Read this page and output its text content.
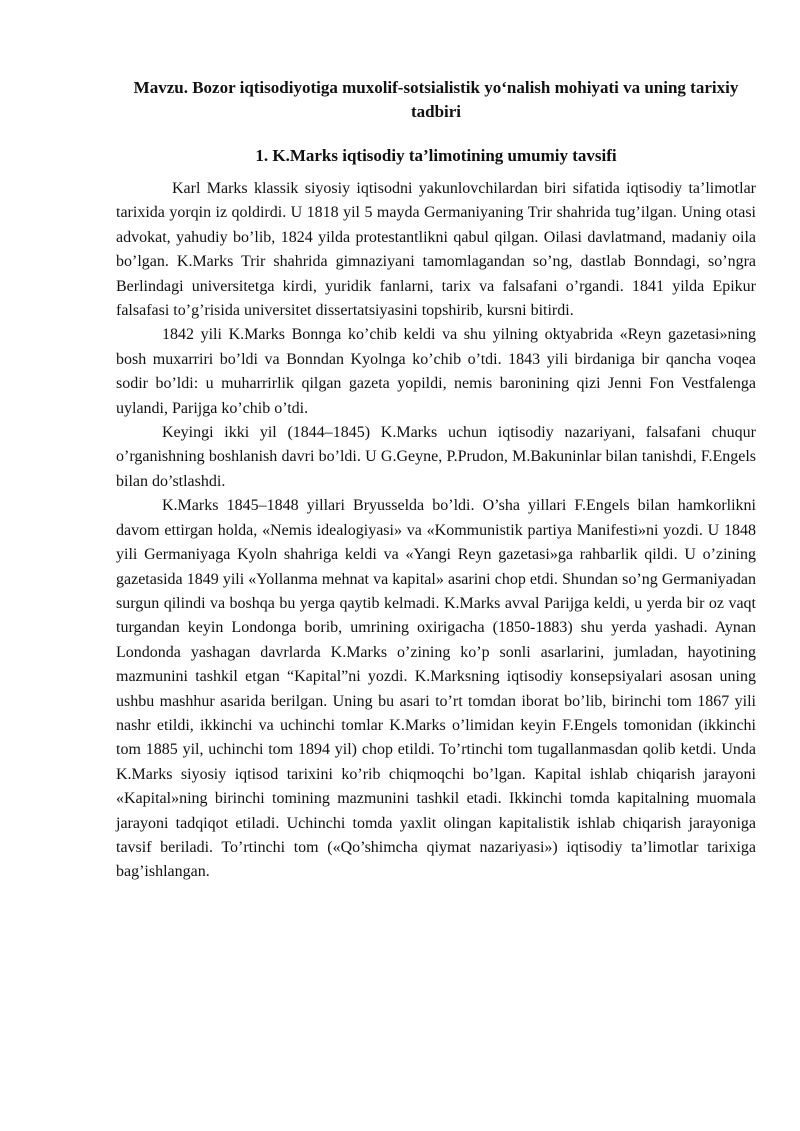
Mavzu. Bozor iqtisodiyotiga muxolif-sotsialistik yo‘nalish mohiyati va uning tarixiy tadbiri

1. K.Marks iqtisodiy ta’limotining umumiy tavsifi

Karl Marks klassik siyosiy iqtisodni yakunlovchilardan biri sifatida iqtisodiy ta’limotlar tarixida yorqin iz qoldirdi. U 1818 yil 5 mayda Germaniyaning Trir shahrida tug’ilgan. Uning otasi advokat, yahudiy bo’lib, 1824 yilda protestantlikni qabul qilgan. Oilasi davlatmand, madaniy oila bo’lgan. K.Marks Trir shahrida gimnaziyani tamomlagandan so’ng, dastlab Bonndagi, so’ngra Berlindagi universitetga kirdi, yuridik fanlarni, tarix va falsafani o’rgandi. 1841 yilda Epikur falsafasi to’g’risida universitet dissertatsiyasini topshirib, kursni bitirdi.

1842 yili K.Marks Bonnga ko’chib keldi va shu yilning oktyabrida «Reyn gazetasi»ning bosh muxarriri bo’ldi va Bonndan Kyolnga ko’chib o’tdi. 1843 yili birdaniga bir qancha voqea sodir bo’ldi: u muharrirlik qilgan gazeta yopildi, nemis baronining qizi Jenni Fon Vestfalenga uylandi, Parijga ko’chib o’tdi.

Keyingi ikki yil (1844–1845) K.Marks uchun iqtisodiy nazariyani, falsafani chuqur o’rganishning boshlanish davri bo’ldi. U G.Geyne, P.Prudon, M.Bakuninlar bilan tanishdi, F.Engels bilan do’stlashdi.

K.Marks 1845–1848 yillari Bryusselda bo’ldi. O’sha yillari F.Engels bilan hamkorlikni davom ettirgan holda, «Nemis idealogiyasi» va «Kommunistik partiya Manifesti»ni yozdi. U 1848 yili Germaniyaga Kyoln shahriga keldi va «Yangi Reyn gazetasi»ga rahbarlik qildi. U o’zining gazetasida 1849 yili «Yollanma mehnat va kapital» asarini chop etdi. Shundan so’ng Germaniyadan surgun qilindi va boshqa bu yerga qaytib kelmadi. K.Marks avval Parijga keldi, u yerda bir oz vaqt turgandan keyin Londonga borib, umrining oxirigacha (1850-1883) shu yerda yashadi. Aynan Londonda yashagan davrlarda K.Marks o’zining ko’p sonli asarlarini, jumladan, hayotining mazmunini tashkil etgan “Kapital”ni yozdi. K.Marksning iqtisodiy konsepsiyalari asosan uning ushbu mashhur asarida berilgan. Uning bu asari to’rt tomdan iborat bo’lib, birinchi tom 1867 yili nashr etildi, ikkinchi va uchinchi tomlar K.Marks o’limidan keyin F.Engels tomonidan (ikkinchi tom 1885 yil, uchinchi tom 1894 yil) chop etildi. To’rtinchi tom tugallanmasdan qolib ketdi. Unda K.Marks siyosiy iqtisod tarixini ko’rib chiqmoqchi bo’lgan. Kapital ishlab chiqarish jarayoni «Kapital»ning birinchi tomining mazmunini tashkil etadi. Ikkinchi tomda kapitalning muomala jarayoni tadqiqot etiladi. Uchinchi tomda yaxlit olingan kapitalistik ishlab chiqarish jarayoniga tavsif beriladi. To’rtinchi tom («Qo’shimcha qiymat nazariyasi») iqtisodiy ta’limotlar tarixiga bag’ishlangan.
